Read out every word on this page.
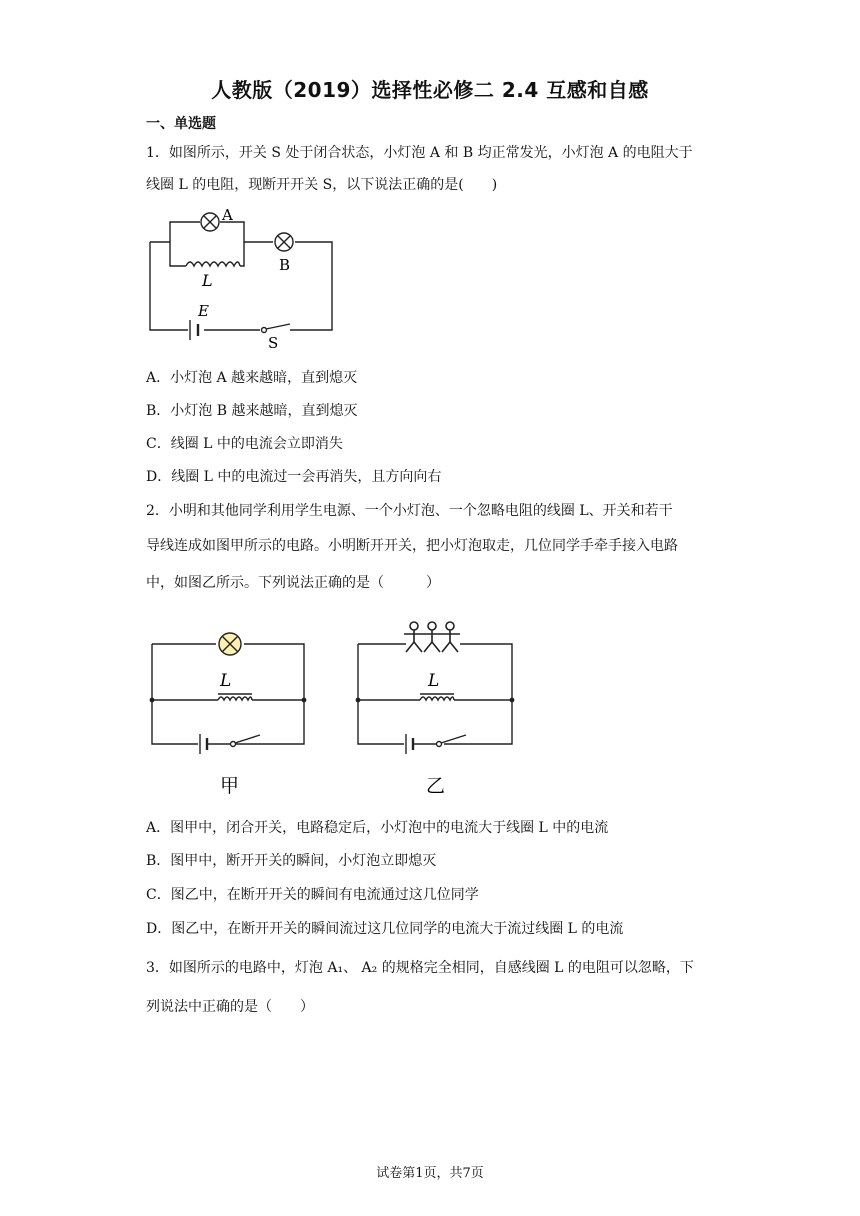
人教版（2019）选择性必修二 2.4 互感和自感
一、单选题
1．如图所示，开关 S 处于闭合状态，小灯泡 A 和 B 均正常发光，小灯泡 A 的电阻大于
线圈 L 的电阻，现断开开关 S，以下说法正确的是(　　)
A
B
L
E
S
A．小灯泡 A 越来越暗，直到熄灭
B．小灯泡 B 越来越暗，直到熄灭
C．线圈 L 中的电流会立即消失
D．线圈 L 中的电流过一会再消失，且方向向右
2．小明和其他同学利用学生电源、一个小灯泡、一个忽略电阻的线圈 L、开关和若干
导线连成如图甲所示的电路。小明断开开关，把小灯泡取走，几位同学手牵手接入电路
中，如图乙所示。下列说法正确的是（　　　）
L
甲
L
乙
A．图甲中，闭合开关，电路稳定后，小灯泡中的电流大于线圈 L 中的电流
B．图甲中，断开开关的瞬间，小灯泡立即熄灭
C．图乙中，在断开开关的瞬间有电流通过这几位同学
D．图乙中，在断开开关的瞬间流过这几位同学的电流大于流过线圈 L 的电流
3．如图所示的电路中，灯泡 A₁、 A₂ 的规格完全相同，自感线圈 L 的电阻可以忽略，下
列说法中正确的是（　　）
试卷第1页，共7页
